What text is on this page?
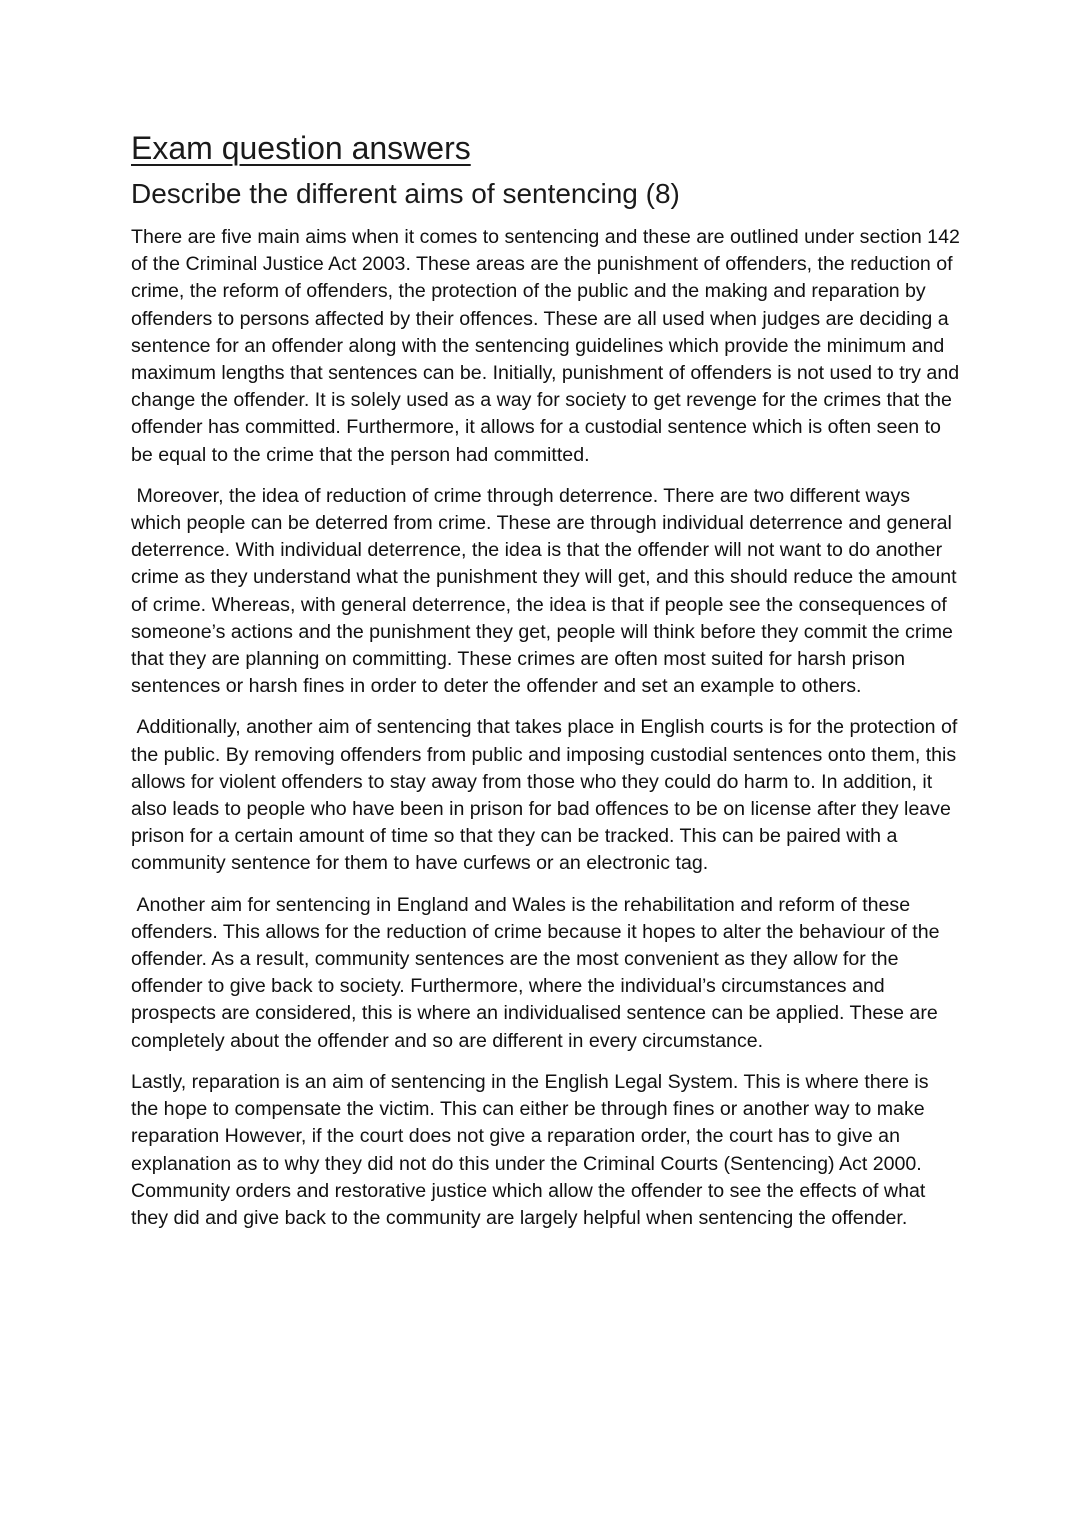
Exam question answers
Describe the different aims of sentencing (8)

There are five main aims when it comes to sentencing and these are outlined under section 142 of the Criminal Justice Act 2003. These areas are the punishment of offenders, the reduction of crime, the reform of offenders, the protection of the public and the making and reparation by offenders to persons affected by their offences. These are all used when judges are deciding a sentence for an offender along with the sentencing guidelines which provide the minimum and maximum lengths that sentences can be. Initially, punishment of offenders is not used to try and change the offender. It is solely used as a way for society to get revenge for the crimes that the offender has committed. Furthermore, it allows for a custodial sentence which is often seen to be equal to the crime that the person had committed.

Moreover, the idea of reduction of crime through deterrence. There are two different ways which people can be deterred from crime. These are through individual deterrence and general deterrence. With individual deterrence, the idea is that the offender will not want to do another crime as they understand what the punishment they will get, and this should reduce the amount of crime. Whereas, with general deterrence, the idea is that if people see the consequences of someone’s actions and the punishment they get, people will think before they commit the crime that they are planning on committing. These crimes are often most suited for harsh prison sentences or harsh fines in order to deter the offender and set an example to others.

Additionally, another aim of sentencing that takes place in English courts is for the protection of the public. By removing offenders from public and imposing custodial sentences onto them, this allows for violent offenders to stay away from those who they could do harm to. In addition, it also leads to people who have been in prison for bad offences to be on license after they leave prison for a certain amount of time so that they can be tracked. This can be paired with a community sentence for them to have curfews or an electronic tag.

Another aim for sentencing in England and Wales is the rehabilitation and reform of these offenders. This allows for the reduction of crime because it hopes to alter the behaviour of the offender. As a result, community sentences are the most convenient as they allow for the offender to give back to society. Furthermore, where the individual’s circumstances and prospects are considered, this is where an individualised sentence can be applied. These are completely about the offender and so are different in every circumstance.

Lastly, reparation is an aim of sentencing in the English Legal System. This is where there is the hope to compensate the victim. This can either be through fines or another way to make reparation However, if the court does not give a reparation order, the court has to give an explanation as to why they did not do this under the Criminal Courts (Sentencing) Act 2000. Community orders and restorative justice which allow the offender to see the effects of what they did and give back to the community are largely helpful when sentencing the offender.
